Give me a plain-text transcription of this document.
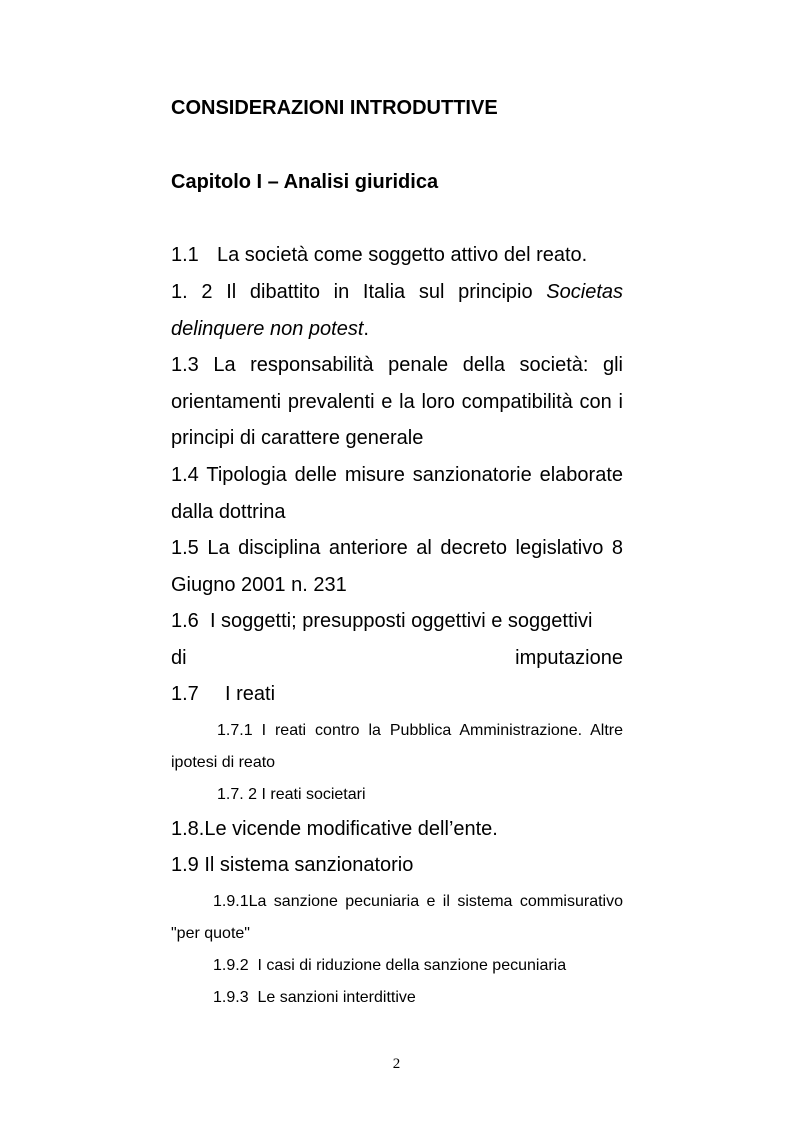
CONSIDERAZIONI INTRODUTTIVE
Capitolo I – Analisi giuridica

1.1 La società come soggetto attivo del reato.

1. 2 Il dibattito in Italia sul principio Societas delinquere non potest.

1.3 La responsabilità penale della società: gli orientamenti prevalenti e la loro compatibilità con i principi di carattere generale

1.4 Tipologia delle misure sanzionatorie elaborate dalla dottrina

1.5 La disciplina anteriore al decreto legislativo 8 Giugno 2001 n. 231

1.6 I soggetti; presupposti oggettivi e soggettivi
di imputazione

1.7 I reati

1.7.1 I reati contro la Pubblica Amministrazione. Altre ipotesi di reato

1.7. 2 I reati societari

1.8.Le vicende modificative dell’ente.

1.9 Il sistema sanzionatorio

1.9.1La sanzione pecuniaria e il sistema commisurativo "per quote"

1.9.2 I casi di riduzione della sanzione pecuniaria

1.9.3 Le sanzioni interdittive

2
